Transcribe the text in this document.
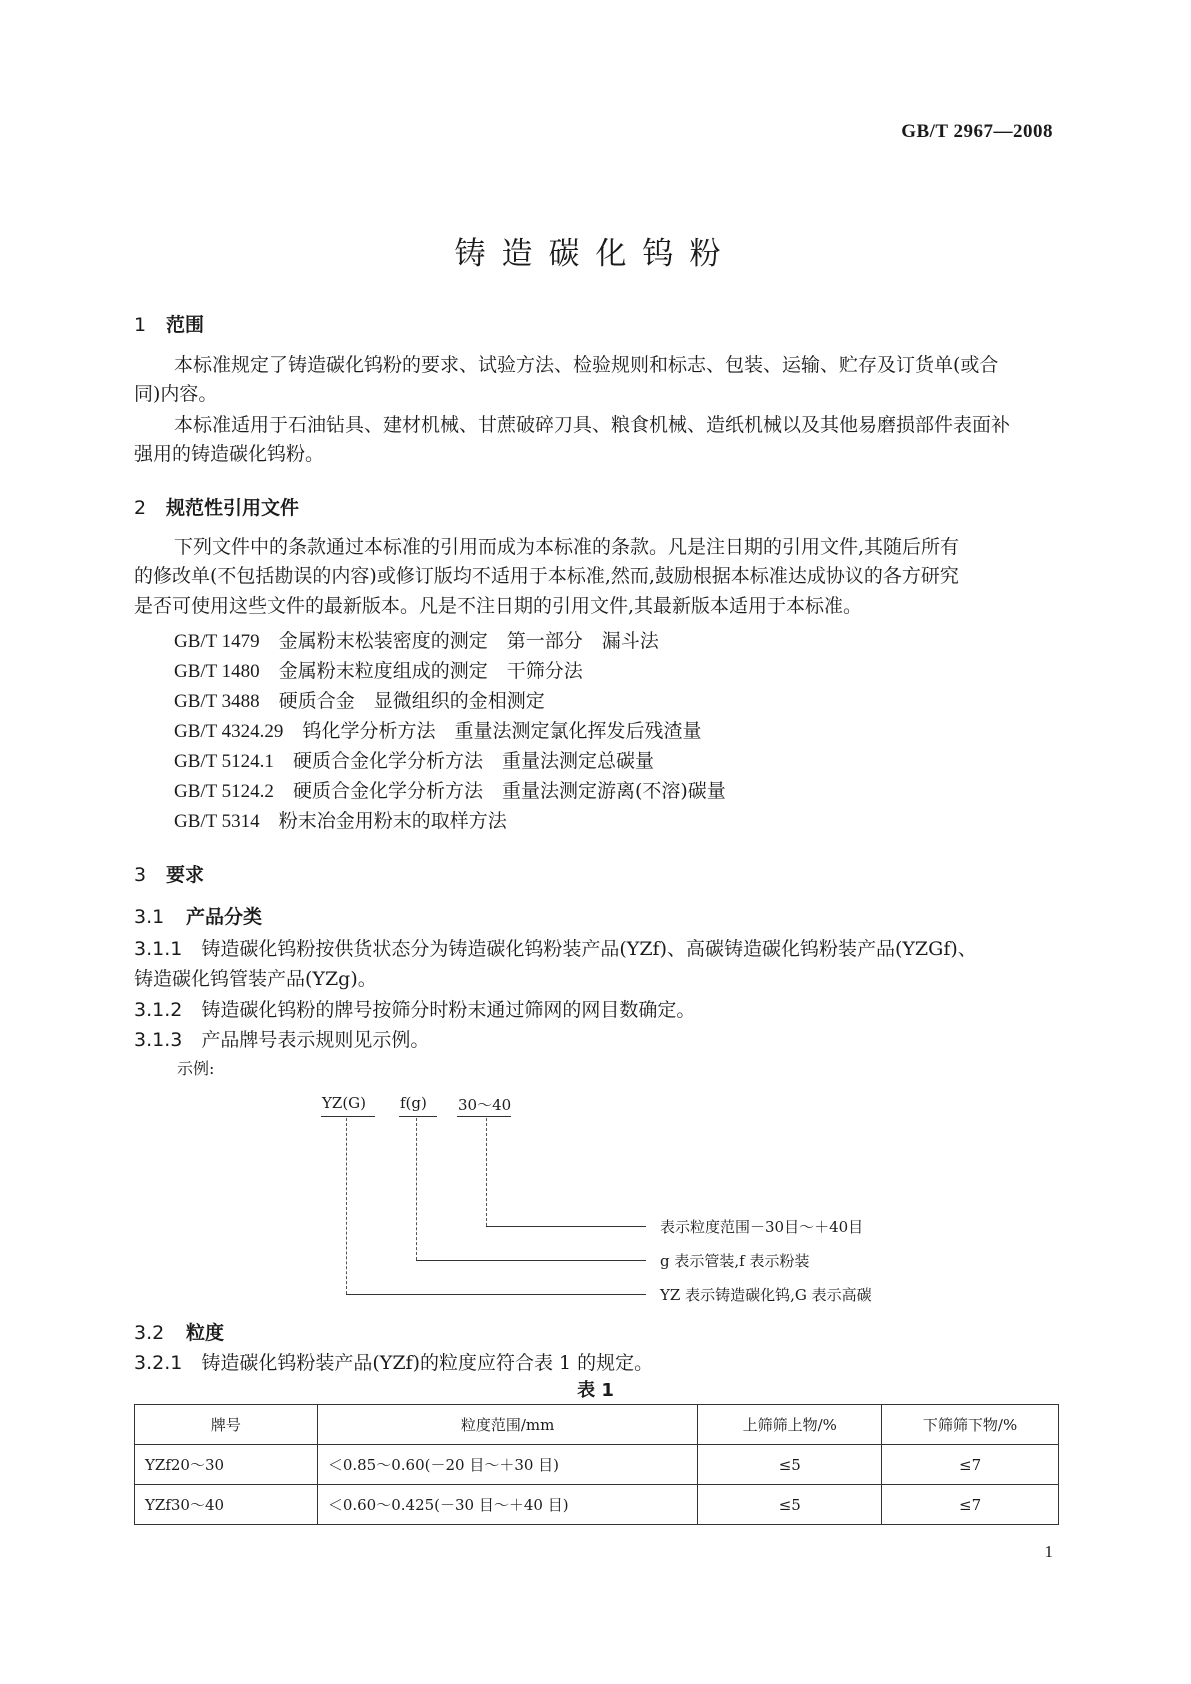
GB/T 2967—2008
铸造碳化钨粉
1 范围
本标准规定了铸造碳化钨粉的要求、试验方法、检验规则和标志、包装、运输、贮存及订货单(或合
同)内容。
本标准适用于石油钻具、建材机械、甘蔗破碎刀具、粮食机械、造纸机械以及其他易磨损部件表面补
强用的铸造碳化钨粉。
2 规范性引用文件
下列文件中的条款通过本标准的引用而成为本标准的条款。凡是注日期的引用文件,其随后所有
的修改单(不包括勘误的内容)或修订版均不适用于本标准,然而,鼓励根据本标准达成协议的各方研究
是否可使用这些文件的最新版本。凡是不注日期的引用文件,其最新版本适用于本标准。
GB/T 1479　 金属粉末松装密度的测定　第一部分　漏斗法
GB/T 1480　 金属粉末粒度组成的测定　干筛分法
GB/T 3488　 硬质合金　显微组织的金相测定
GB/T 4324.29　 钨化学分析方法　重量法测定氯化挥发后残渣量
GB/T 5124.1　 硬质合金化学分析方法　重量法测定总碳量
GB/T 5124.2　 硬质合金化学分析方法　重量法测定游离(不溶)碳量
GB/T 5314　 粉末冶金用粉末的取样方法
3 要求
3.1 产品分类
3.1.1　 铸造碳化钨粉按供货状态分为铸造碳化钨粉装产品(YZf)、高碳铸造碳化钨粉装产品(YZGf)、
铸造碳化钨管装产品(YZg)。
3.1.2　 铸造碳化钨粉的牌号按筛分时粉末通过筛网的网目数确定。
3.1.3　 产品牌号表示规则见示例。
示例:
YZ(G) f(g) 30～40
表示粒度范围－30目～＋40目
g 表示管装,f 表示粉装
YZ 表示铸造碳化钨,G 表示高碳
3.2 粒度
3.2.1　 铸造碳化钨粉装产品(YZf)的粒度应符合表 1 的规定。
表 1
牌号	粒度范围/mm	上筛筛上物/%	下筛筛下物/%
YZf20～30	＜0.85～0.60(－20 目～＋30 目)	≤5	≤7
YZf30～40	＜0.60～0.425(－30 目～＋40 目)	≤5	≤7
1
